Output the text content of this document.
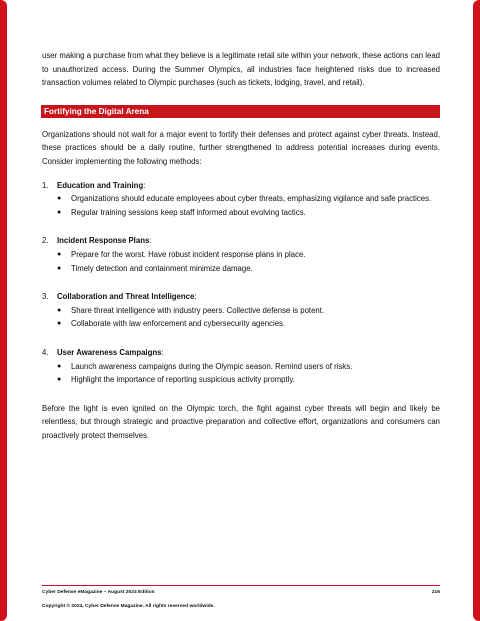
user making a purchase from what they believe is a legitimate retail site within your network, these actions can lead to unauthorized access. During the Summer Olympics, all industries face heightened risks due to increased transaction volumes related to Olympic purchases (such as tickets, lodging, travel, and retail).

Fortifying the Digital Arena

Organizations should not wait for a major event to fortify their defenses and protect against cyber threats. Instead, these practices should be a daily routine, further strengthened to address potential increases during events. Consider implementing the following methods:

1.	Education and Training:
●	Organizations should educate employees about cyber threats, emphasizing vigilance and safe practices.
●	Regular training sessions keep staff informed about evolving tactics.
2.	Incident Response Plans:
●	Prepare for the worst. Have robust incident response plans in place.
●	Timely detection and containment minimize damage.
3.	Collaboration and Threat Intelligence:
●	Share threat intelligence with industry peers. Collective defense is potent.
●	Collaborate with law enforcement and cybersecurity agencies.
4.	User Awareness Campaigns:
●	Launch awareness campaigns during the Olympic season. Remind users of risks.
●	Highlight the importance of reporting suspicious activity promptly.

Before the light is even ignited on the Olympic torch, the fight against cyber threats will begin and likely be relentless, but through strategic and proactive preparation and collective effort, organizations and consumers can proactively protect themselves.

Cyber Defense eMagazine – August 2024 Edition	216
Copyright © 2024, Cyber Defense Magazine. All rights reserved worldwide.
